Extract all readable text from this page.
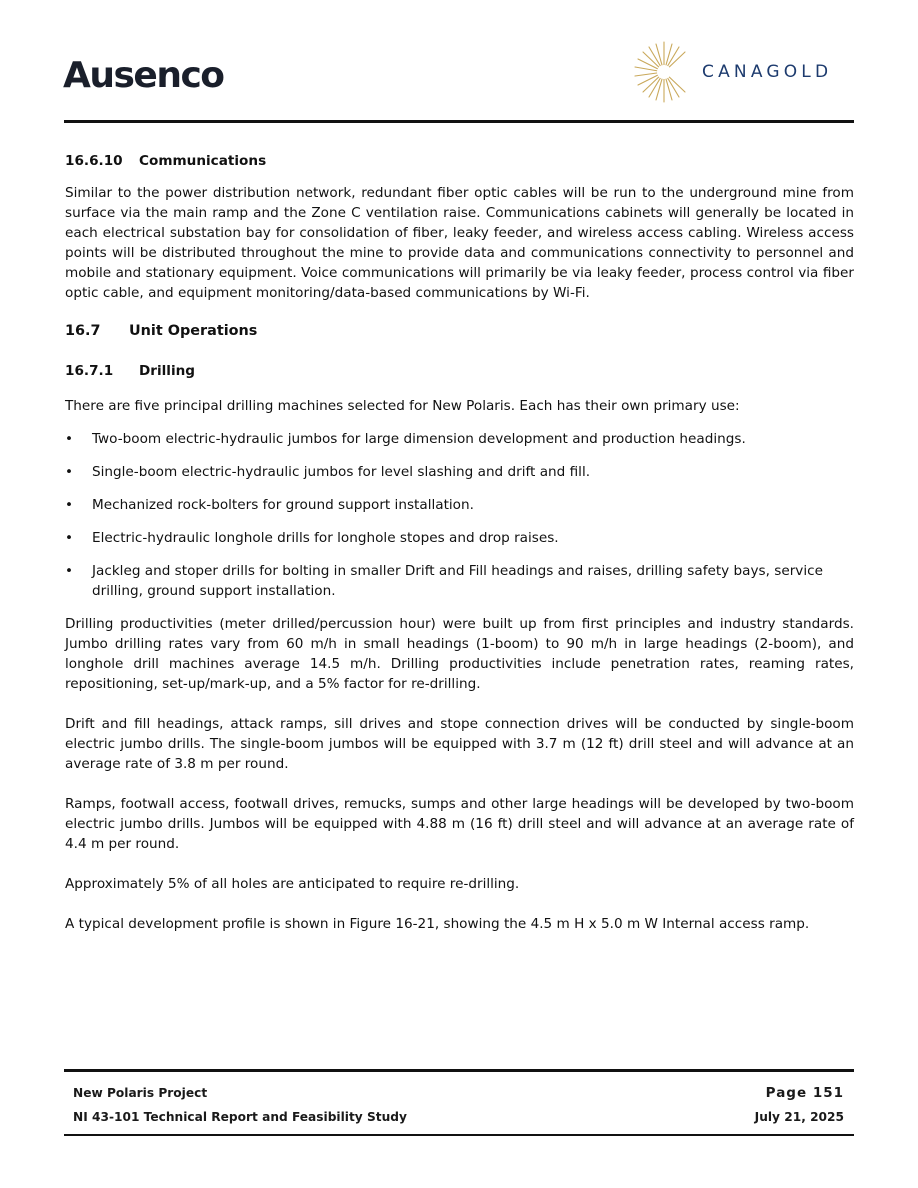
Ausenco	CANAGOLD
16.6.10	Communications

Similar to the power distribution network, redundant fiber optic cables will be run to the underground mine from surface via the main ramp and the Zone C ventilation raise. Communications cabinets will generally be located in each electrical substation bay for consolidation of fiber, leaky feeder, and wireless access cabling. Wireless access points will be distributed throughout the mine to provide data and communications connectivity to personnel and mobile and stationary equipment. Voice communications will primarily be via leaky feeder, process control via fiber optic cable, and equipment monitoring/data-based communications by Wi-Fi.

16.7	Unit Operations
16.7.1	Drilling

There are five principal drilling machines selected for New Polaris. Each has their own primary use:

• Two-boom electric-hydraulic jumbos for large dimension development and production headings.
• Single-boom electric-hydraulic jumbos for level slashing and drift and fill.
• Mechanized rock-bolters for ground support installation.
• Electric-hydraulic longhole drills for longhole stopes and drop raises.
• Jackleg and stoper drills for bolting in smaller Drift and Fill headings and raises, drilling safety bays, service drilling, ground support installation.

Drilling productivities (meter drilled/percussion hour) were built up from first principles and industry standards. Jumbo drilling rates vary from 60 m/h in small headings (1-boom) to 90 m/h in large headings (2-boom), and longhole drill machines average 14.5 m/h. Drilling productivities include penetration rates, reaming rates, repositioning, set-up/mark-up, and a 5% factor for re-drilling.

Drift and fill headings, attack ramps, sill drives and stope connection drives will be conducted by single-boom electric jumbo drills. The single-boom jumbos will be equipped with 3.7 m (12 ft) drill steel and will advance at an average rate of 3.8 m per round.

Ramps, footwall access, footwall drives, remucks, sumps and other large headings will be developed by two-boom electric jumbo drills. Jumbos will be equipped with 4.88 m (16 ft) drill steel and will advance at an average rate of 4.4 m per round.

Approximately 5% of all holes are anticipated to require re-drilling.

A typical development profile is shown in Figure 16-21, showing the 4.5 m H x 5.0 m W Internal access ramp.

New Polaris Project
NI 43-101 Technical Report and Feasibility Study
Page 151
July 21, 2025
